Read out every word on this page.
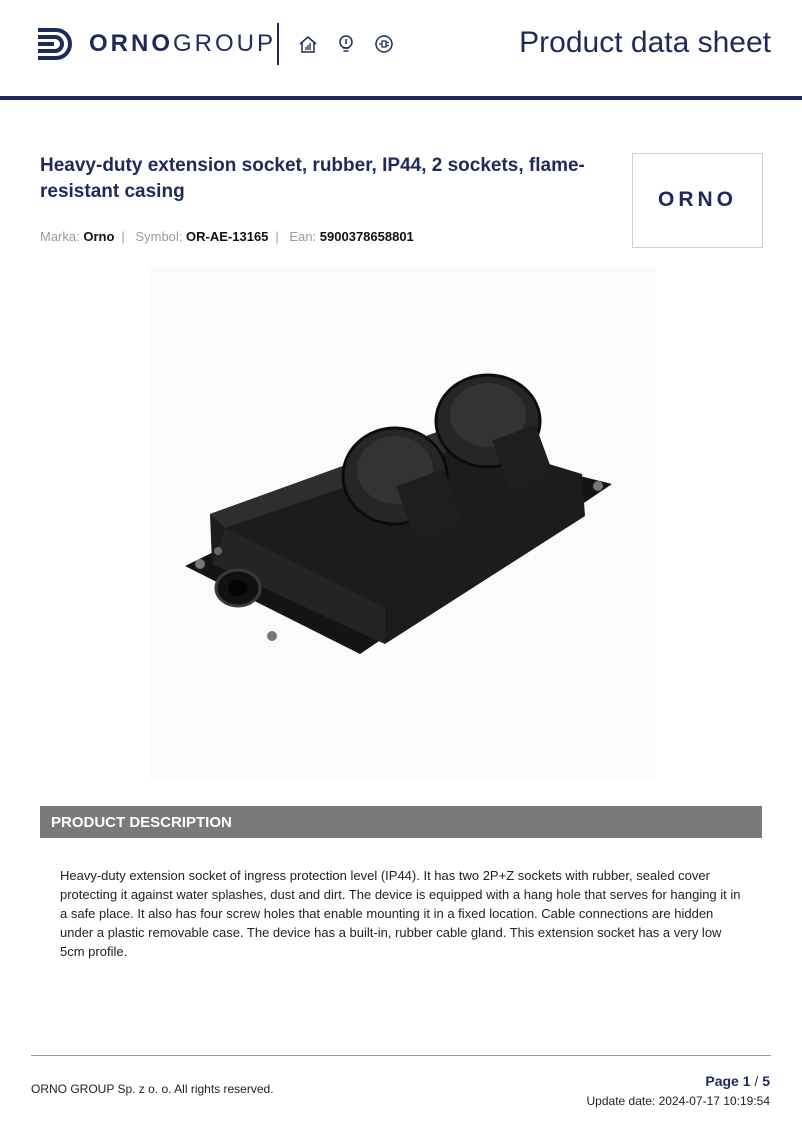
ORNOGROUP	Product data sheet
Heavy-duty extension socket, rubber, IP44, 2 sockets, flame-resistant casing	ORNO
Marka: Orno | Symbol: OR-AE-13165 | Ean: 5900378658801
PRODUCT DESCRIPTION
Heavy-duty extension socket of ingress protection level (IP44). It has two 2P+Z sockets with rubber, sealed cover protecting it against water splashes, dust and dirt. The device is equipped with a hang hole that serves for hanging it in a safe place. It also has four screw holes that enable mounting it in a fixed location. Cable connections are hidden under a plastic removable case. The device has a built-in, rubber cable gland. This extension socket has a very low 5cm profile.
ORNO GROUP Sp. z o. o. All rights reserved.	Page 1 / 5
Update date: 2024-07-17 10:19:54
